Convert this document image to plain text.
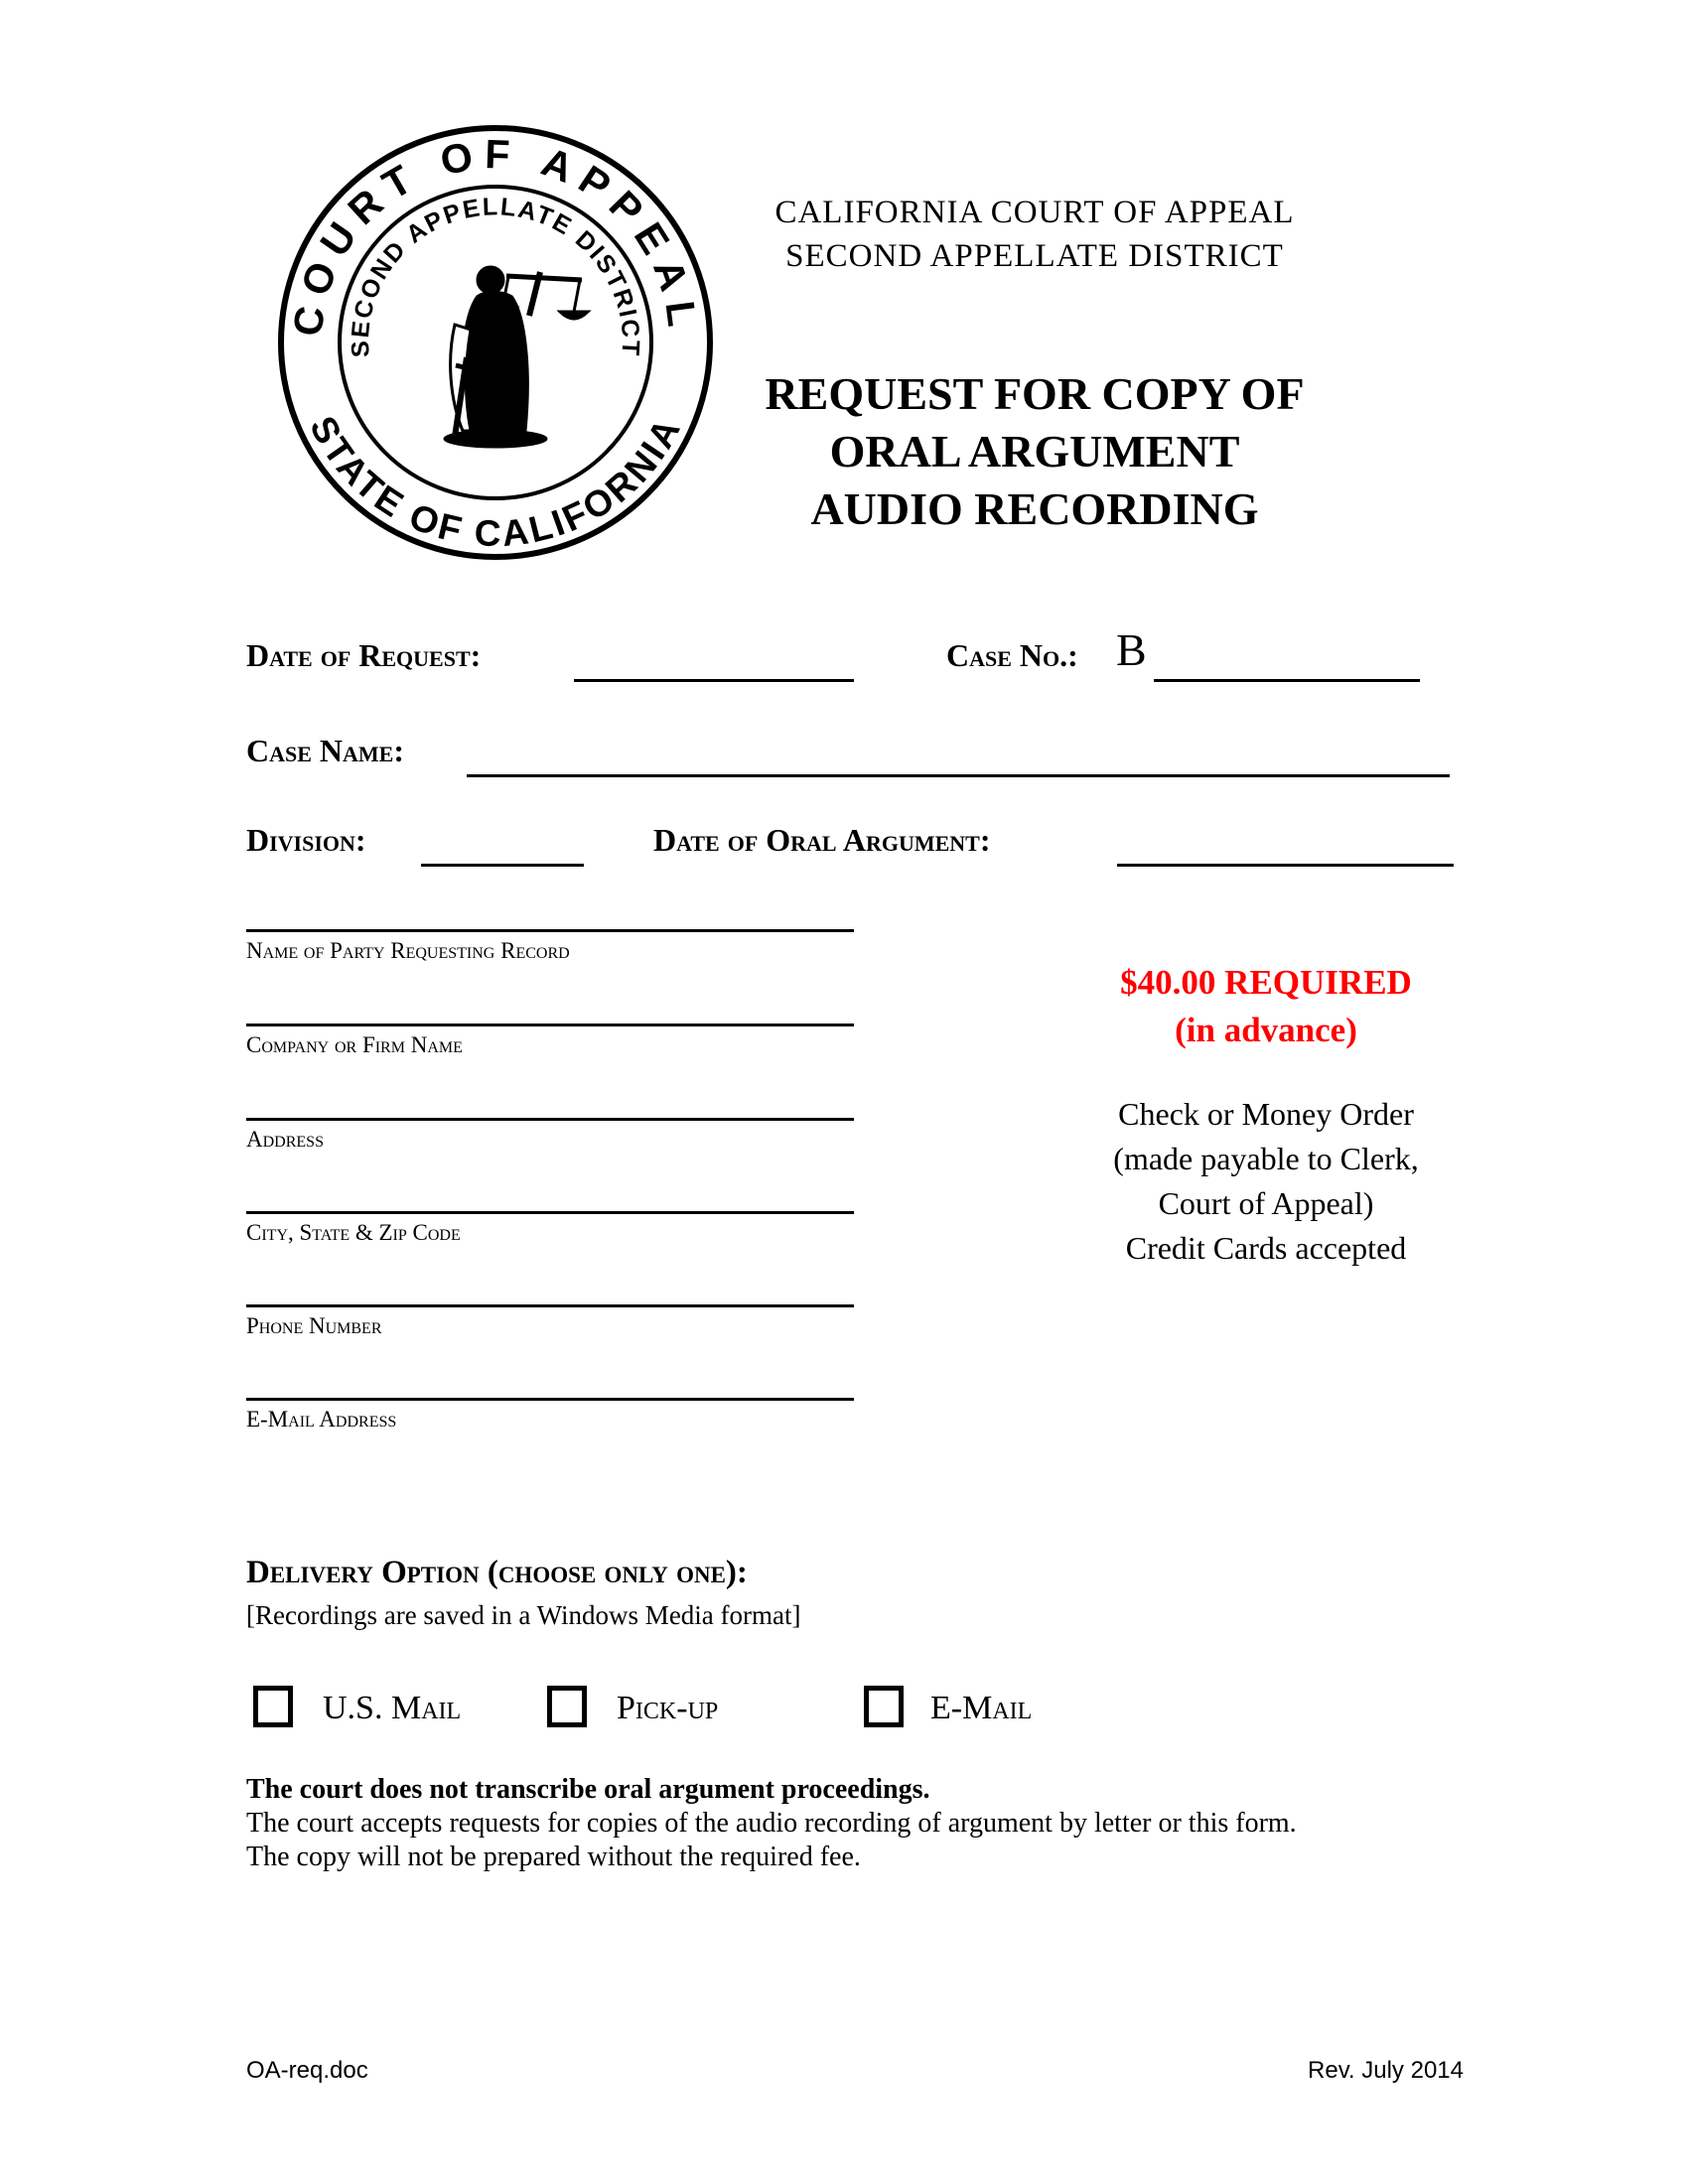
COURT OF APPEAL
STATE OF CALIFORNIA
SECOND APPELLATE DISTRICT
CALIFORNIA COURT OF APPEAL
SECOND APPELLATE DISTRICT
REQUEST FOR COPY OF
ORAL ARGUMENT
AUDIO RECORDING
Date of Request:	Case No.: B
Case Name:
Division:	Date of Oral Argument:
Name of Party Requesting Record
Company or Firm Name
Address
City, State & Zip Code
Phone Number
E-Mail Address
$40.00 REQUIRED
(in advance)
Check or Money Order
(made payable to Clerk,
Court of Appeal)
Credit Cards accepted
Delivery Option (choose only one):
[Recordings are saved in a Windows Media format]
U.S. Mail	Pick-up	E-Mail
The court does not transcribe oral argument proceedings.
The court accepts requests for copies of the audio recording of argument by letter or this form.
The copy will not be prepared without the required fee.
OA-req.doc	Rev. July 2014
